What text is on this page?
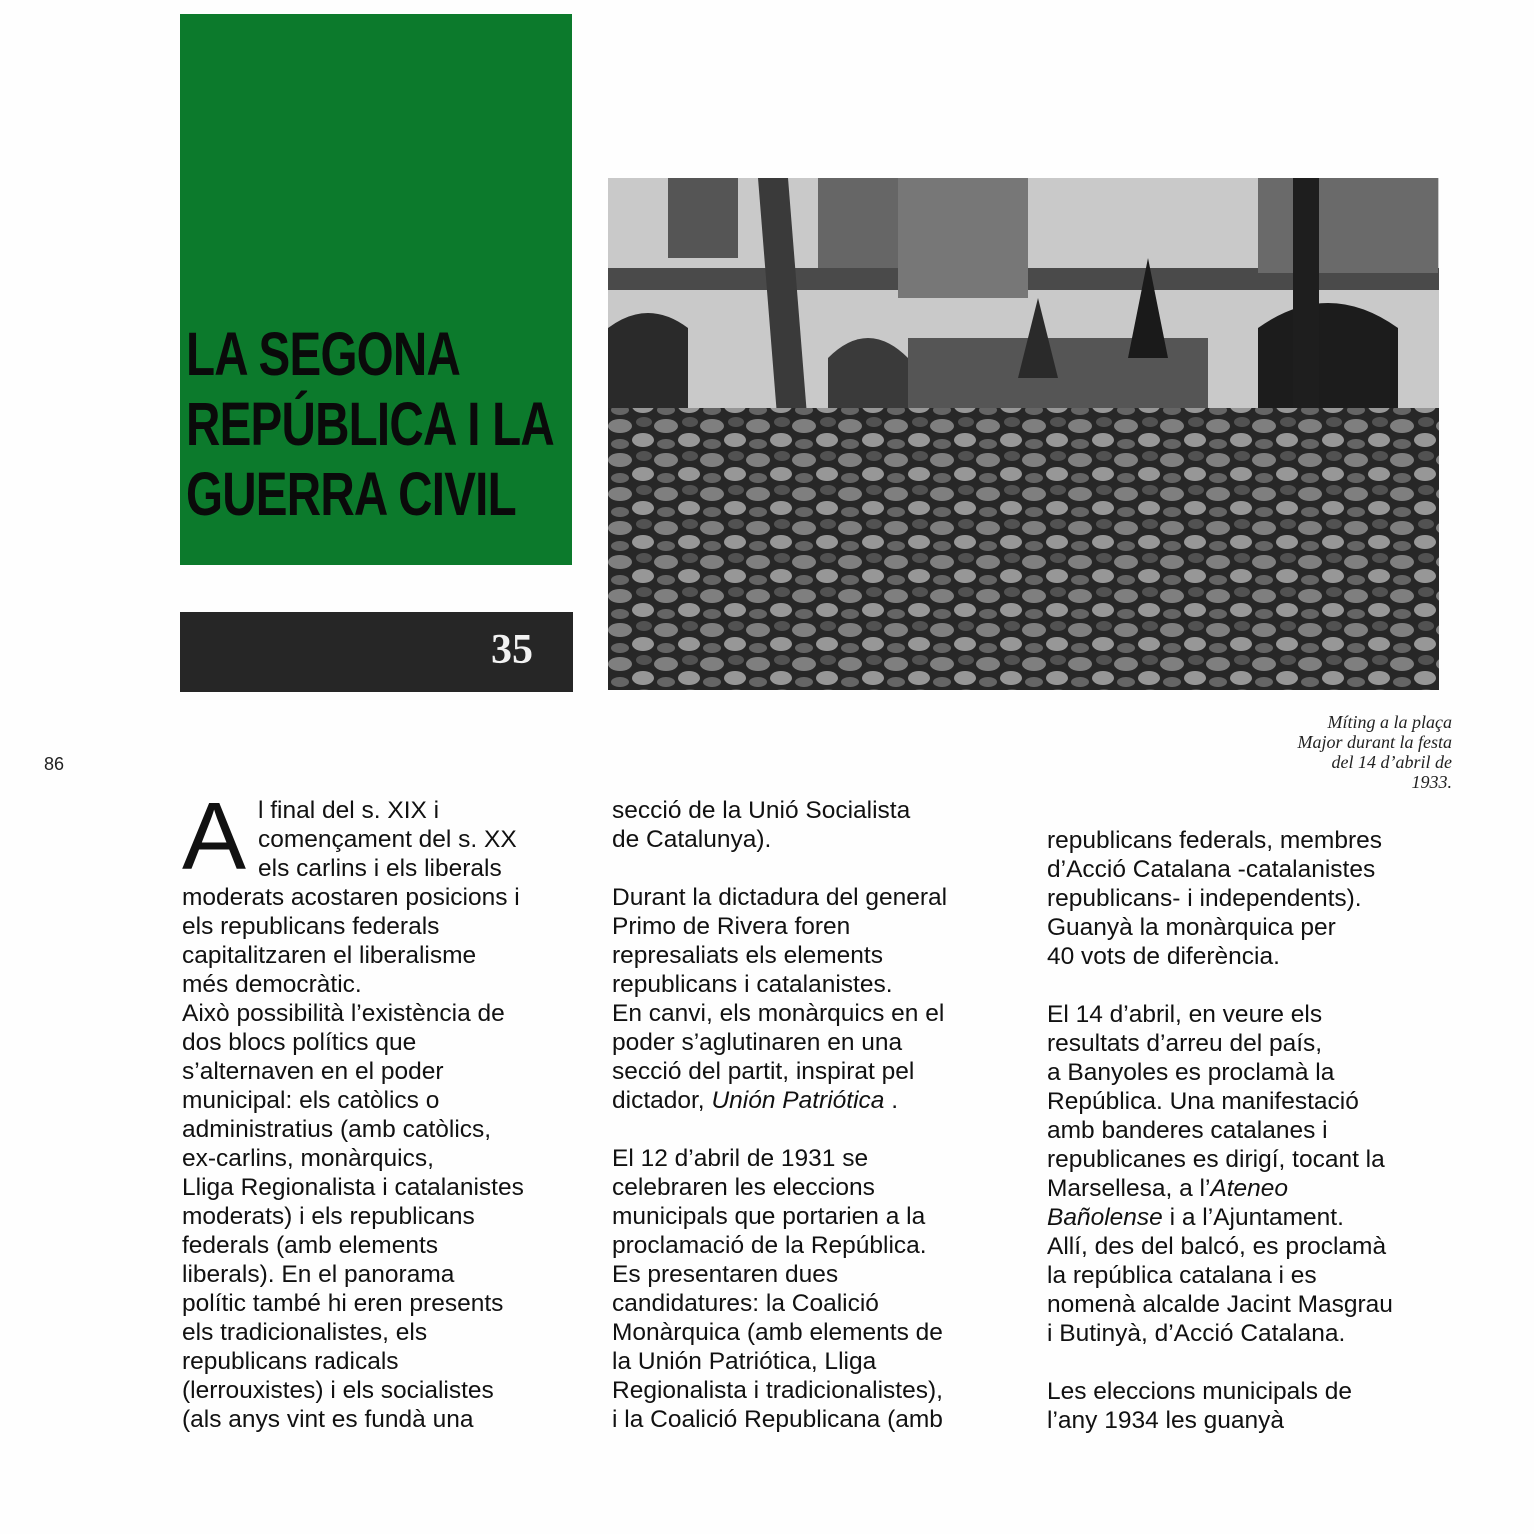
LA SEGONA
REPÚBLICA I LA
GUERRA CIVIL
35
Míting a la plaça
Major durant la festa
del 14 d’abril de
1933.
86
A l final del s. XIX i

començament del s. XX

els carlins i els liberals

moderats acostaren posicions i

els republicans federals

capitalitzaren el liberalisme

més democràtic.

Això possibilità l’existència de

dos blocs polítics que

s’alternaven en el poder

municipal: els catòlics o

administratius (amb catòlics,

ex-carlins, monàrquics,

Lliga Regionalista i catalanistes

moderats) i els republicans

federals (amb elements

liberals). En el panorama

polític també hi eren presents

els tradicionalistes, els

republicans radicals

(lerrouxistes) i els socialistes

(als anys vint es fundà una

secció de la Unió Socialista

de Catalunya).

Durant la dictadura del general

Primo de Rivera foren

represaliats els elements

republicans i catalanistes.

En canvi, els monàrquics en el

poder s’aglutinaren en una

secció del partit, inspirat pel

dictador, Unión Patriótica .

El 12 d’abril de 1931 se

celebraren les eleccions

municipals que portarien a la

proclamació de la República.

Es presentaren dues

candidatures: la Coalició

Monàrquica (amb elements de

la Unión Patriótica, Lliga

Regionalista i tradicionalistes),

i la Coalició Republicana (amb

republicans federals, membres

d’Acció Catalana -catalanistes

republicans- i independents).

Guanyà la monàrquica per

40 vots de diferència.

El 14 d’abril, en veure els

resultats d’arreu del país,

a Banyoles es proclamà la

República. Una manifestació

amb banderes catalanes i

republicanes es dirigí, tocant la

Marsellesa, a l’Ateneo

Bañolense i a l’Ajuntament.

Allí, des del balcó, es proclamà

la república catalana i es

nomenà alcalde Jacint Masgrau

i Butinyà, d’Acció Catalana.

Les eleccions municipals de

l’any 1934 les guanyà
